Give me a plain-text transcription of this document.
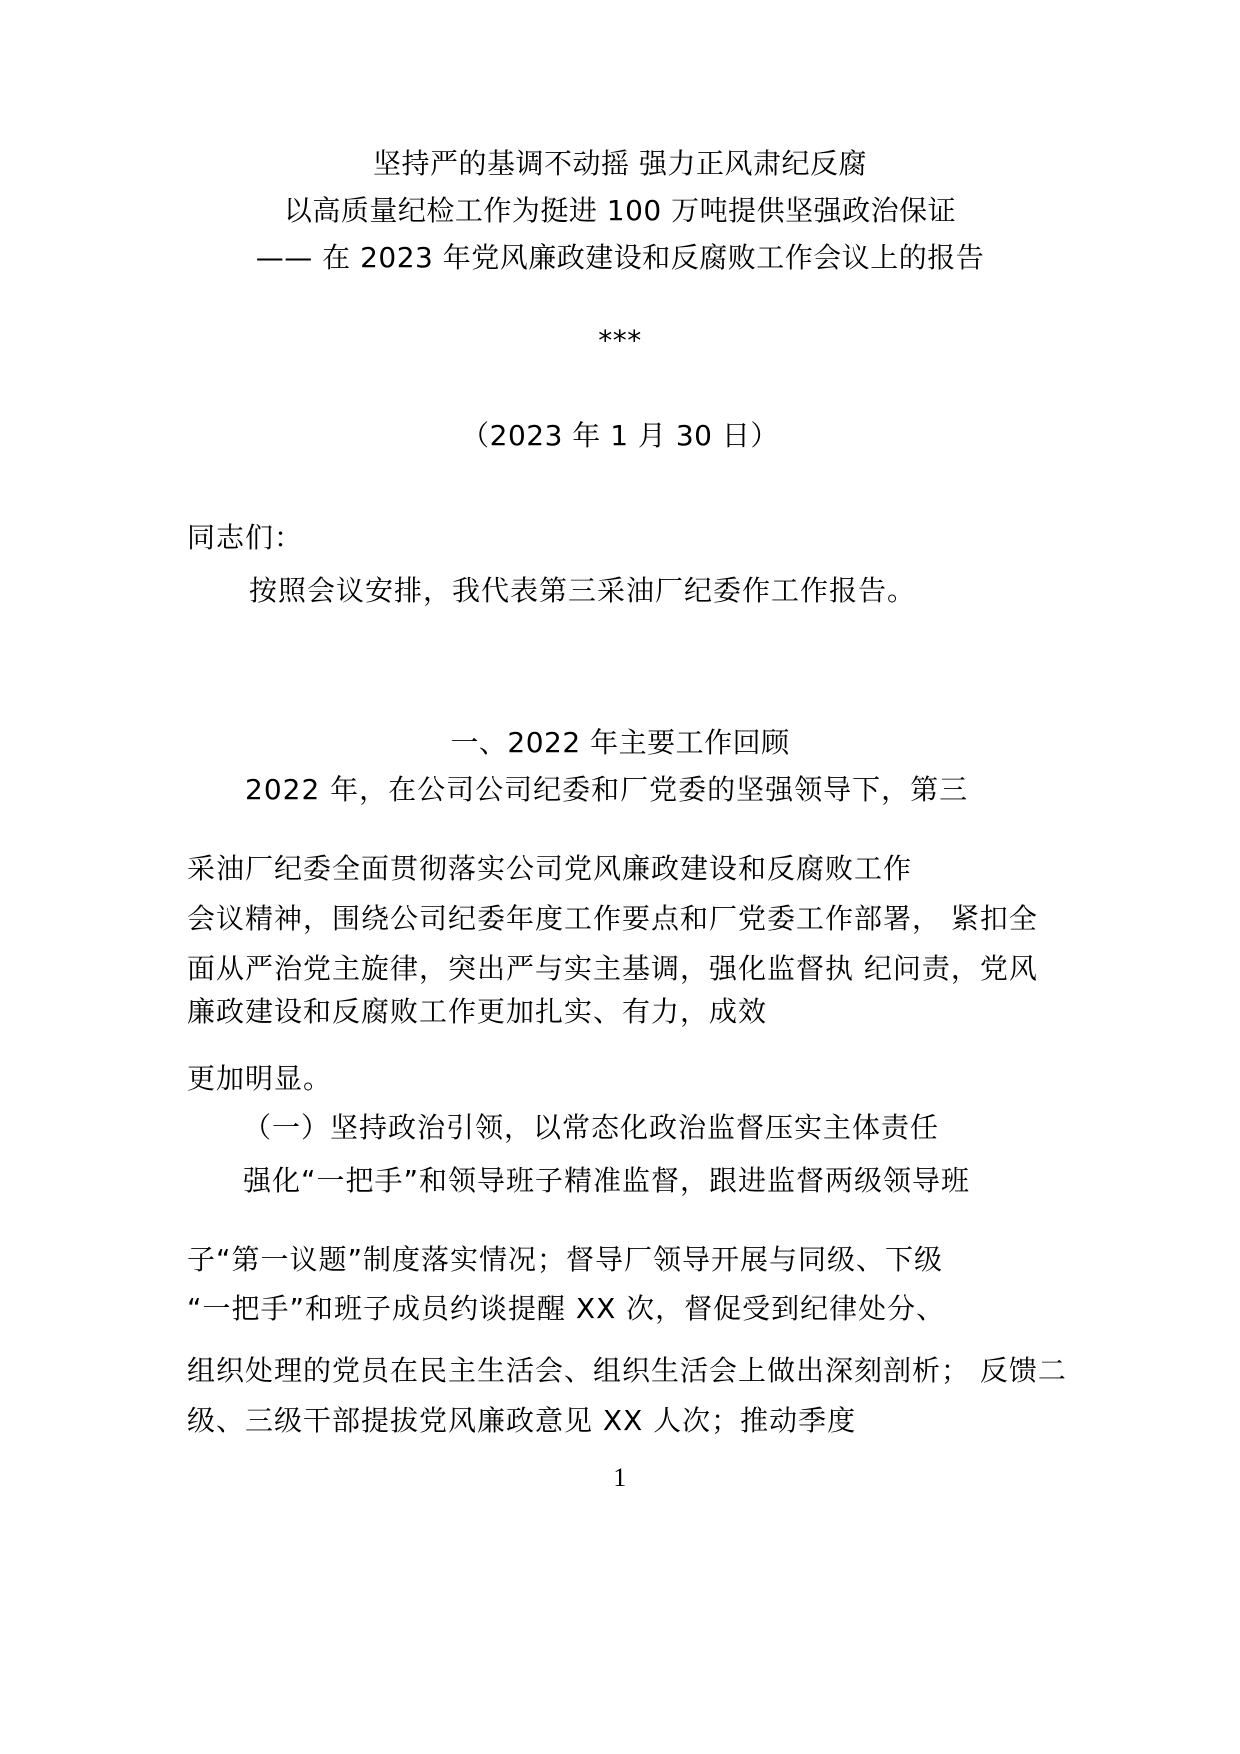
坚持严的基调不动摇 强力正风肃纪反腐
以高质量纪检工作为挺进 100 万吨提供坚强政治保证
—— 在 2023 年党风廉政建设和反腐败工作会议上的报告
***
（2023 年 1 月 30 日）
同志们：
按照会议安排，我代表第三采油厂纪委作工作报告。
一、2022 年主要工作回顾
2022 年，在公司公司纪委和厂党委的坚强领导下，第三
采油厂纪委全面贯彻落实公司党风廉政建设和反腐败工作
会议精神，围绕公司纪委年度工作要点和厂党委工作部署， 紧扣全
面从严治党主旋律，突出严与实主基调，强化监督执 纪问责，党风
廉政建设和反腐败工作更加扎实、有力，成效
更加明显。
（一）坚持政治引领，以常态化政治监督压实主体责任
强化“一把手”和领导班子精准监督，跟进监督两级领导班
子“第一议题”制度落实情况；督导厂领导开展与同级、下级
“一把手”和班子成员约谈提醒 XX 次，督促受到纪律处分、
组织处理的党员在民主生活会、组织生活会上做出深刻剖析； 反馈二
级、三级干部提拔党风廉政意见 XX 人次；推动季度
1
